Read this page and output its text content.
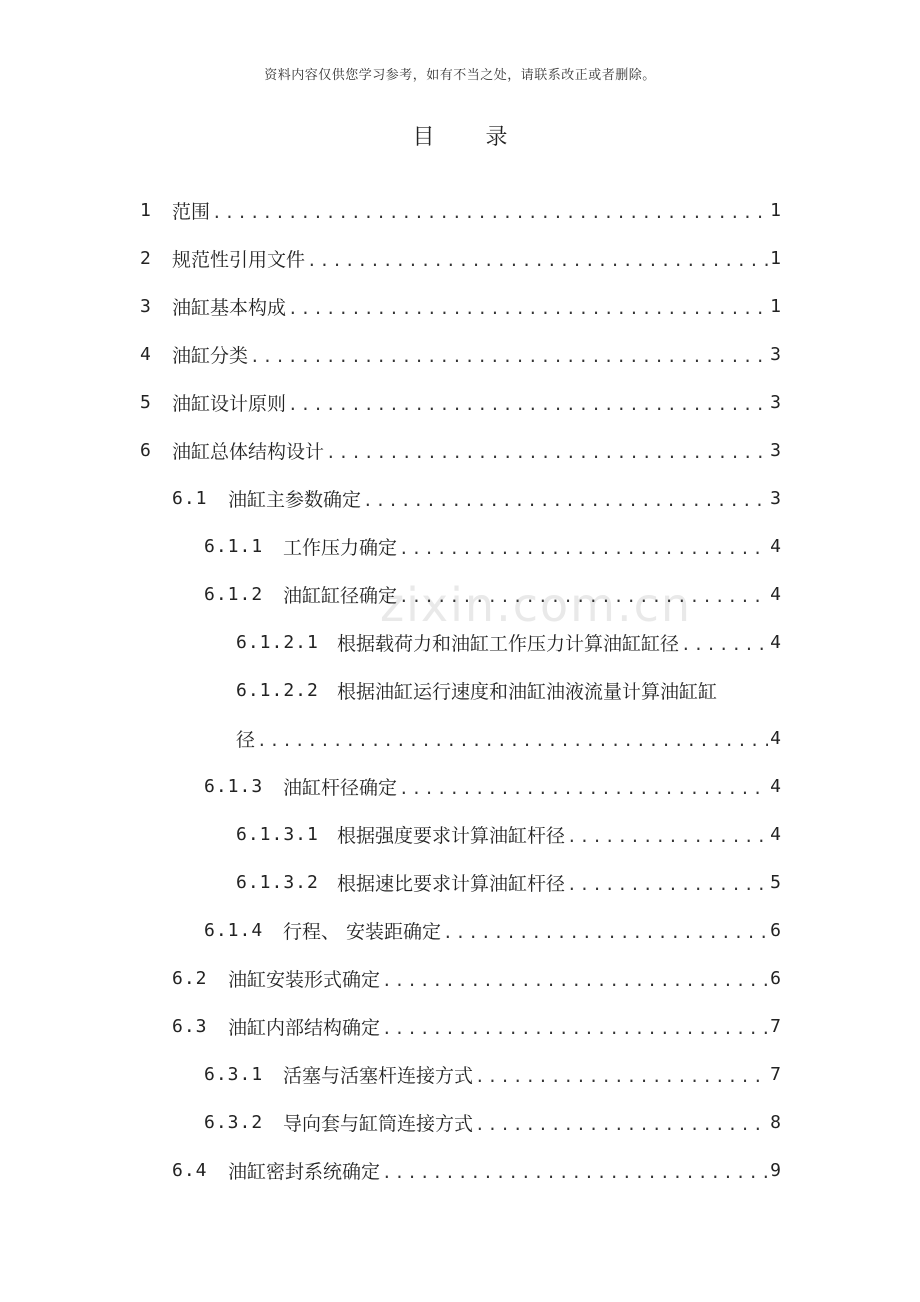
资料内容仅供您学习参考，如有不当之处，请联系改正或者删除。
目 录
zixin.com.cn
1	范围 .....	1
2	规范性引用文件 .....	1
3	油缸基本构成 .....	1
4	油缸分类 .....	3
5	油缸设计原则 .....	3
6	油缸总体结构设计 .....	3
6.1	油缸主参数确定 .....	3
6.1.1	工作压力确定 .....	4
6.1.2	油缸缸径确定 .....	4
6.1.2.1 根据载荷力和油缸工作压力计算油缸缸径 .....	4
6.1.2.2 根据油缸运行速度和油缸油液流量计算油缸缸
径 .....	4
6.1.3	油缸杆径确定 .....	4
6.1.3.1 根据强度要求计算油缸杆径 .....	4
6.1.3.2 根据速比要求计算油缸杆径 .....	5
6.1.4	行程、 安装距确定 .....	6
6.2	油缸安装形式确定 .....	6
6.3	油缸内部结构确定 .....	7
6.3.1	活塞与活塞杆连接方式 .....	7
6.3.2	导向套与缸筒连接方式 .....	8
6.4	油缸密封系统确定 .....	9
